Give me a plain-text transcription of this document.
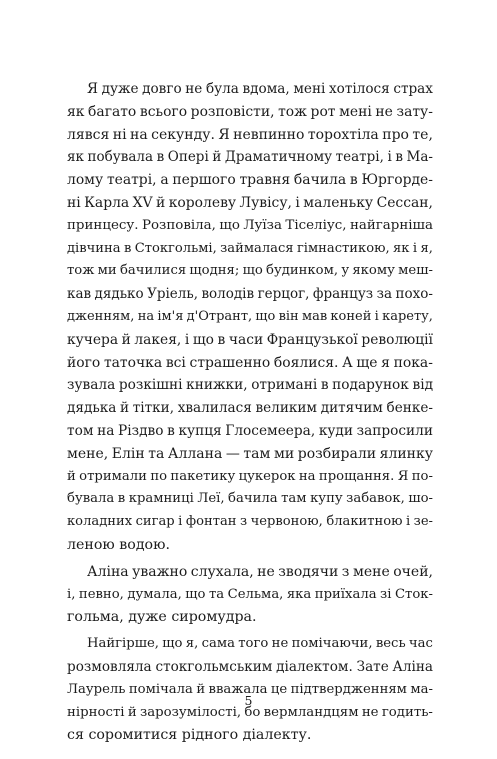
Я дуже довго не була вдома, мені хотілося страх
як багато всього розповісти, тож рот мені не зату-
лявся ні на секунду. Я невпинно торохтіла про те,
як побувала в Опері й Драматичному театрі, і в Ма-
лому театрі, а першого травня бачила в Юргорде-
ні Карла XV й королеву Лувісу, і маленьку Сессан,
принцесу. Розповіла, що Луїза Тіселіус, найгарніша
дівчина в Стокгольмі, займалася гімнастикою, як і я,
тож ми бачилися щодня; що будинком, у якому меш-
кав дядько Уріель, володів герцог, француз за похо-
дженням, на ім'я д'Отрант, що він мав коней і карету,
кучера й лакея, і що в часи Французької революції
його таточка всі страшенно боялися. А ще я пока-
зувала розкішні книжки, отримані в подарунок від
дядька й тітки, хвалилася великим дитячим бенке-
том на Різдво в купця Глосемеера, куди запросили
мене, Елін та Аллана — там ми розбирали ялинку
й отримали по пакетику цукерок на прощання. Я по-
бувала в крамниці Леї, бачила там купу забавок, шо-
коладних сигар і фонтан з червоною, блакитною і зе-
леною водою.
Аліна уважно слухала, не зводячи з мене очей,
і, певно, думала, що та Сельма, яка приїхала зі Сток-
гольма, дуже сиромудра.
Найгірше, що я, сама того не помічаючи, весь час
розмовляла стокгольмським діалектом. Зате Аліна
Лаурель помічала й вважала це підтвердженням ма-
нірності й зарозумілості, бо вермландцям не годить-
ся соромитися рідного діалекту.
5
